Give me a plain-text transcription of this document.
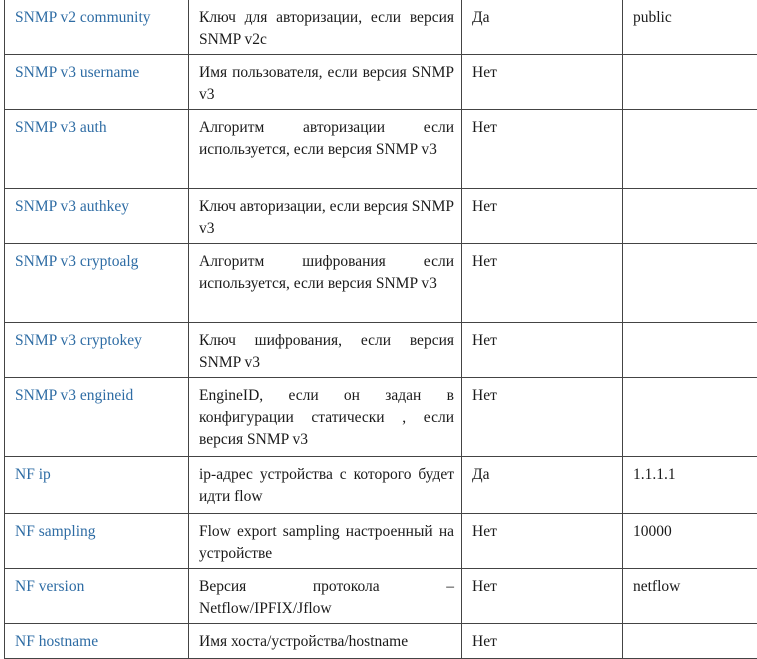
SNMP v2 community	Ключ для авторизации, если версия SNMP v2c	Да	public
SNMP v3 username	Имя пользователя, если версия SNMP v3	Нет	
SNMP v3 auth	Алгоритм авторизации если используется, если версия SNMP v3	Нет	
SNMP v3 authkey	Ключ авторизации, если версия SNMP v3	Нет	
SNMP v3 cryptoalg	Алгоритм шифрования если используется, если версия SNMP v3	Нет	
SNMP v3 cryptokey	Ключ шифрования, если версия SNMP v3	Нет	
SNMP v3 engineid	EngineID, если он задан в конфигурации статически , если версия SNMP v3	Нет	
NF ip	ip-адрес устройства с которого будет идти flow	Да	1.1.1.1
NF sampling	Flow export sampling настроенный на устройстве	Нет	10000
NF version	Версия протокола – Netflow/IPFIX/Jflow	Нет	netflow
NF hostname	Имя хоста/устройства/hostname	Нет	
